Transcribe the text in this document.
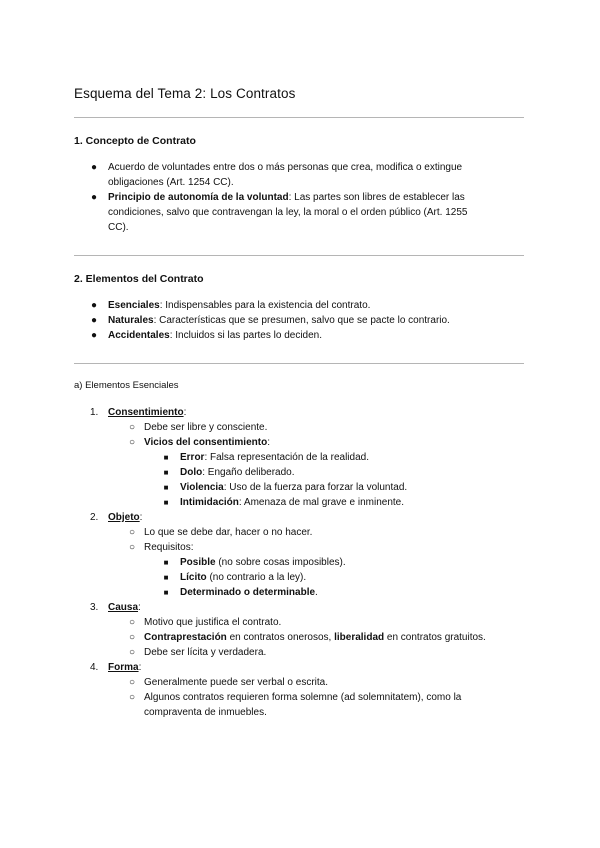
Esquema del Tema 2: Los Contratos
1. Concepto de Contrato
● Acuerdo de voluntades entre dos o más personas que crea, modifica o extingue
obligaciones (Art. 1254 CC).
● Principio de autonomía de la voluntad: Las partes son libres de establecer las
condiciones, salvo que contravengan la ley, la moral o el orden público (Art. 1255
CC).
2. Elementos del Contrato
● Esenciales: Indispensables para la existencia del contrato.
● Naturales: Características que se presumen, salvo que se pacte lo contrario.
● Accidentales: Incluidos si las partes lo deciden.
a) Elementos Esenciales
1. Consentimiento:
○ Debe ser libre y consciente.
○ Vicios del consentimiento:
■ Error: Falsa representación de la realidad.
■ Dolo: Engaño deliberado.
■ Violencia: Uso de la fuerza para forzar la voluntad.
■ Intimidación: Amenaza de mal grave e inminente.
2. Objeto:
○ Lo que se debe dar, hacer o no hacer.
○ Requisitos:
■ Posible (no sobre cosas imposibles).
■ Lícito (no contrario a la ley).
■ Determinado o determinable.
3. Causa:
○ Motivo que justifica el contrato.
○ Contraprestación en contratos onerosos, liberalidad en contratos gratuitos.
○ Debe ser lícita y verdadera.
4. Forma:
○ Generalmente puede ser verbal o escrita.
○ Algunos contratos requieren forma solemne (ad solemnitatem), como la
compraventa de inmuebles.
